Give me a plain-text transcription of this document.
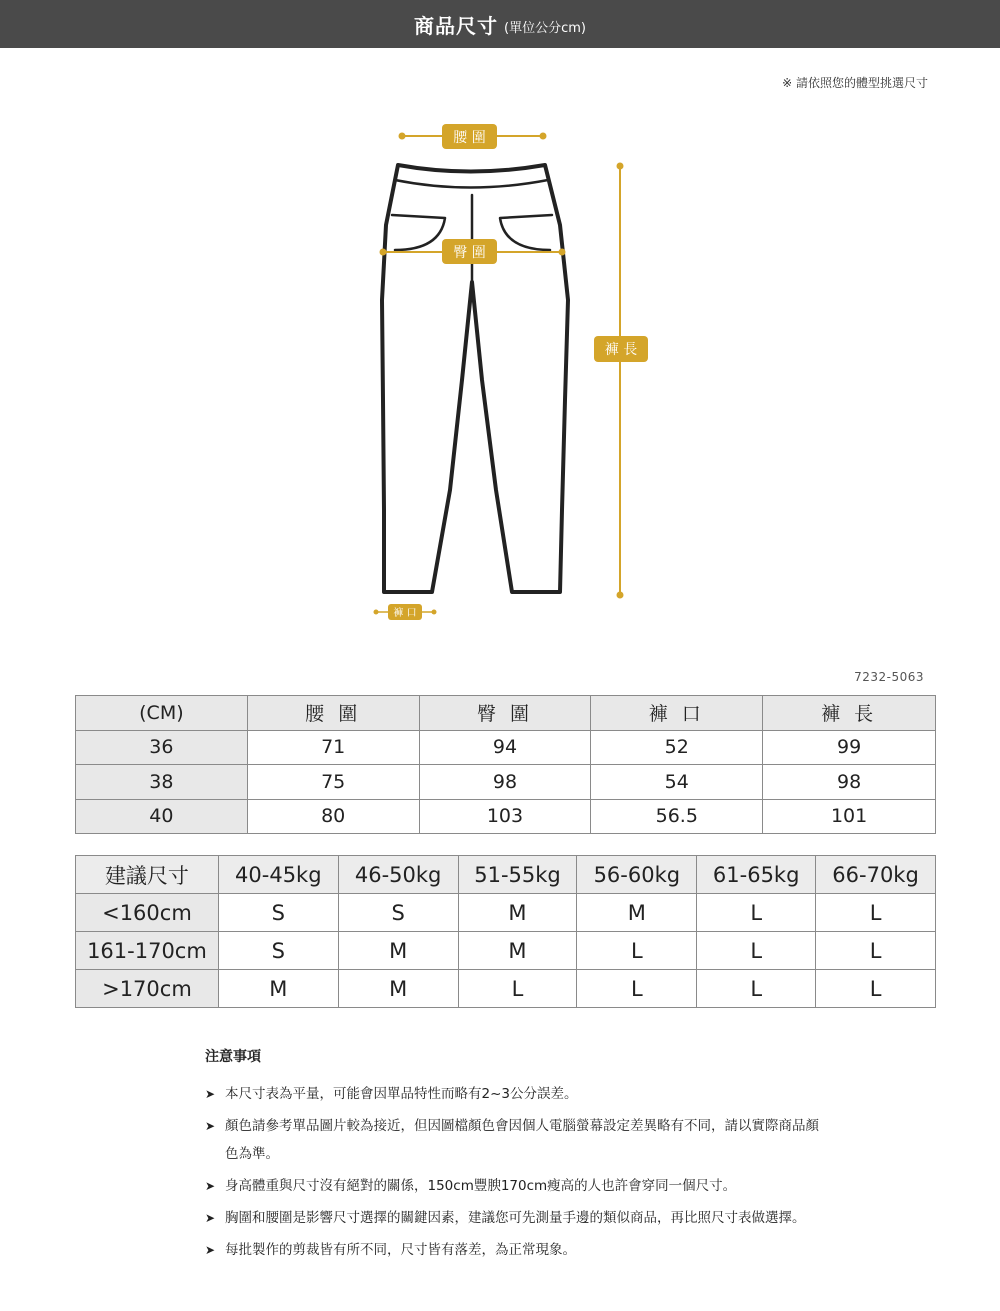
商品尺寸 (單位公分cm)
※ 請依照您的體型挑選尺寸
腰 圍
臀 圍
褲 長
褲 口
7232-5063
(CM)	腰 圍	臀 圍	褲 口	褲 長
36	71	94	52	99
38	75	98	54	98
40	80	103	56.5	101
建議尺寸	40-45kg	46-50kg	51-55kg	56-60kg	61-65kg	66-70kg
<160cm	S	S	M	M	L	L
161-170cm	S	M	M	L	L	L
>170cm	M	M	L	L	L	L
注意事項
➤ 本尺寸表為平量，可能會因單品特性而略有2~3公分誤差。
➤ 顏色請參考單品圖片較為接近，但因圖檔顏色會因個人電腦螢幕設定差異略有不同，請以實際商品顏色為準。
➤ 身高體重與尺寸沒有絕對的關係，150cm豐腴170cm瘦高的人也許會穿同一個尺寸。
➤ 胸圍和腰圍是影響尺寸選擇的關鍵因素，建議您可先測量手邊的類似商品，再比照尺寸表做選擇。
➤ 每批製作的剪裁皆有所不同，尺寸皆有落差，為正常現象。
